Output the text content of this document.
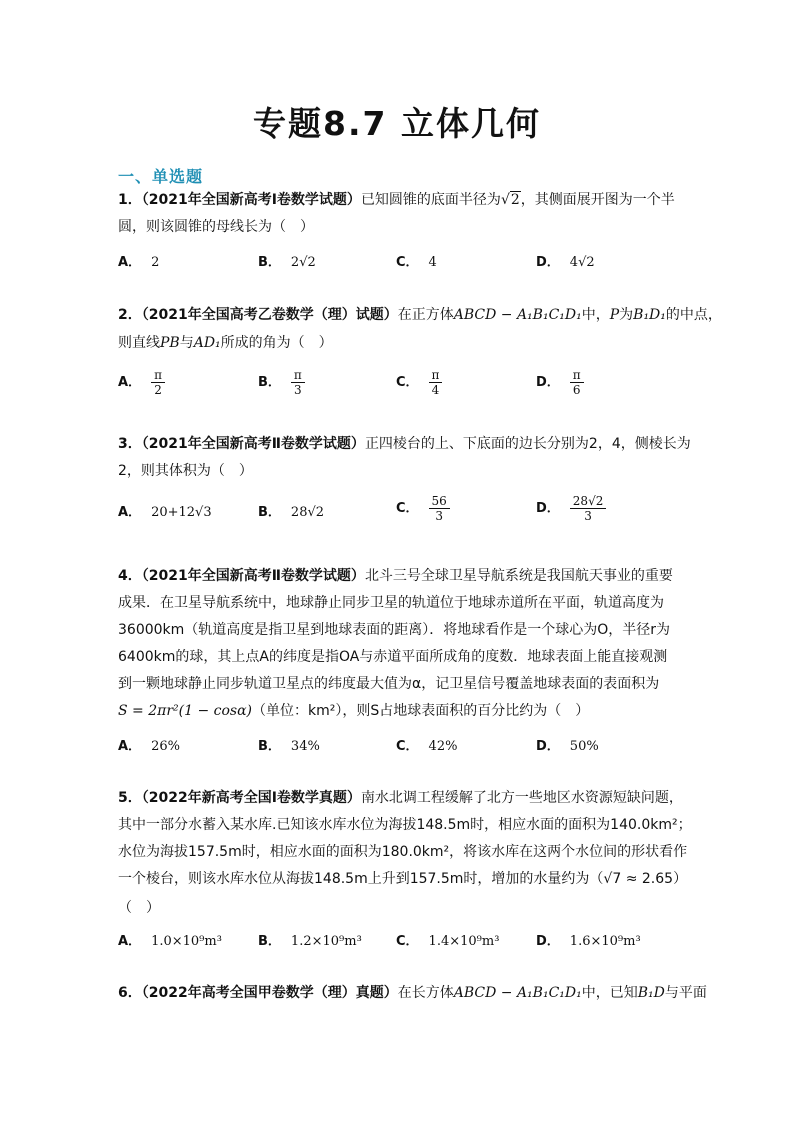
专题8.7 立体几何
一、单选题
1．（2021年全国新高考Ⅰ卷数学试题）已知圆锥的底面半径为√2，其侧面展开图为一个半
圆，则该圆锥的母线长为（　）
A． 2	B． 2√2	C． 4	D． 4√2
2．（2021年全国高考乙卷数学（理）试题）在正方体ABCD − A₁B₁C₁D₁中，P为B₁D₁的中点，
则直线PB与AD₁所成的角为（　）
A． $\frac{\pi}{2}$	B． $\frac{\pi}{3}$	C． $\frac{\pi}{4}$	D． $\frac{\pi}{6}$
3．（2021年全国新高考Ⅱ卷数学试题）正四棱台的上、下底面的边长分别为2，4，侧棱长为
2，则其体积为（　）
A． 20+12√3	B． 28√2	C． $\frac{56}{3}$	D． $\frac{28√2}{3}$
4．（2021年全国新高考Ⅱ卷数学试题）北斗三号全球卫星导航系统是我国航天事业的重要
成果．在卫星导航系统中，地球静止同步卫星的轨道位于地球赤道所在平面，轨道高度为
36000km（轨道高度是指卫星到地球表面的距离）．将地球看作是一个球心为O，半径r为
6400km的球，其上点A的纬度是指OA与赤道平面所成角的度数．地球表面上能直接观测
到一颗地球静止同步轨道卫星点的纬度最大值为α，记卫星信号覆盖地球表面的表面积为
S = 2πr²(1 − cosα)（单位：km²），则S占地球表面积的百分比约为（　）
A． 26%	B． 34%	C． 42%	D． 50%
5．（2022年新高考全国Ⅰ卷数学真题）南水北调工程缓解了北方一些地区水资源短缺问题，
其中一部分水蓄入某水库.已知该水库水位为海拔148.5m时，相应水面的面积为140.0km²；
水位为海拔157.5m时，相应水面的面积为180.0km²，将该水库在这两个水位间的形状看作
一个棱台，则该水库水位从海拔148.5m上升到157.5m时，增加的水量约为（√7 ≈ 2.65）
（　）
A． 1.0×10⁹m³	B． 1.2×10⁹m³	C． 1.4×10⁹m³	D． 1.6×10⁹m³
6．（2022年高考全国甲卷数学（理）真题）在长方体ABCD − A₁B₁C₁D₁中，已知B₁D与平面
